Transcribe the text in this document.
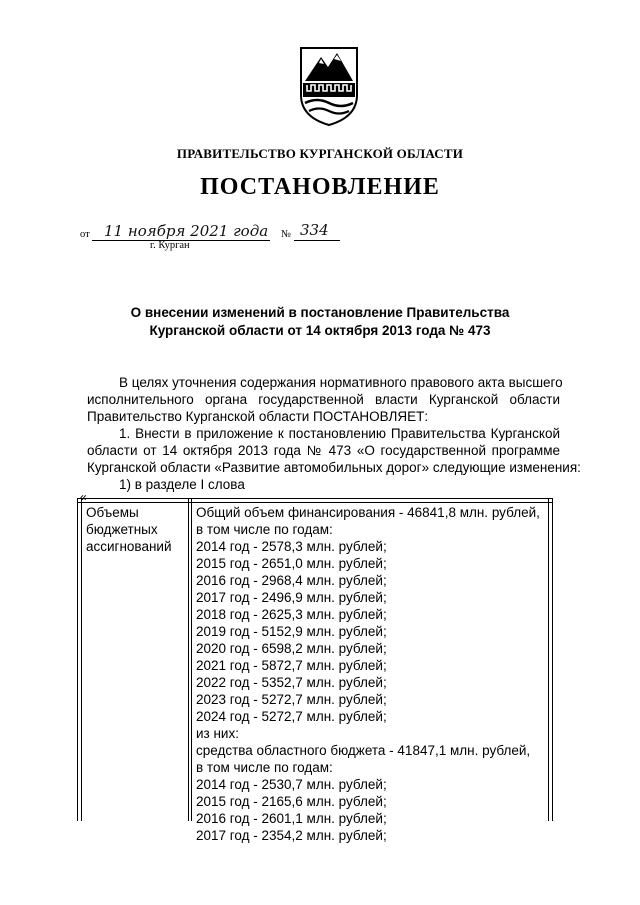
ПРАВИТЕЛЬСТВО КУРГАНСКОЙ ОБЛАСТИ
ПОСТАНОВЛЕНИЕ
от 11 ноября 2021 года № 334
г. Курган
О внесении изменений в постановление Правительства
Курганской области от 14 октября 2013 года № 473
В целях уточнения содержания нормативного правового акта высшего
исполнительного органа государственной власти Курганской области
Правительство Курганской области ПОСТАНОВЛЯЕТ:
1. Внести в приложение к постановлению Правительства Курганской
области от 14 октября 2013 года № 473 «О государственной программе
Курганской области «Развитие автомобильных дорог» следующие изменения:
1) в разделе I слова
«
Объемы
бюджетных
ассигнований
Общий объем финансирования - 46841,8 млн. рублей,
в том числе по годам:
2014 год - 2578,3 млн. рублей;
2015 год - 2651,0 млн. рублей;
2016 год - 2968,4 млн. рублей;
2017 год - 2496,9 млн. рублей;
2018 год - 2625,3 млн. рублей;
2019 год - 5152,9 млн. рублей;
2020 год - 6598,2 млн. рублей;
2021 год - 5872,7 млн. рублей;
2022 год - 5352,7 млн. рублей;
2023 год - 5272,7 млн. рублей;
2024 год - 5272,7 млн. рублей;
из них:
средства областного бюджета - 41847,1 млн. рублей,
в том числе по годам:
2014 год - 2530,7 млн. рублей;
2015 год - 2165,6 млн. рублей;
2016 год - 2601,1 млн. рублей;
2017 год - 2354,2 млн. рублей;
